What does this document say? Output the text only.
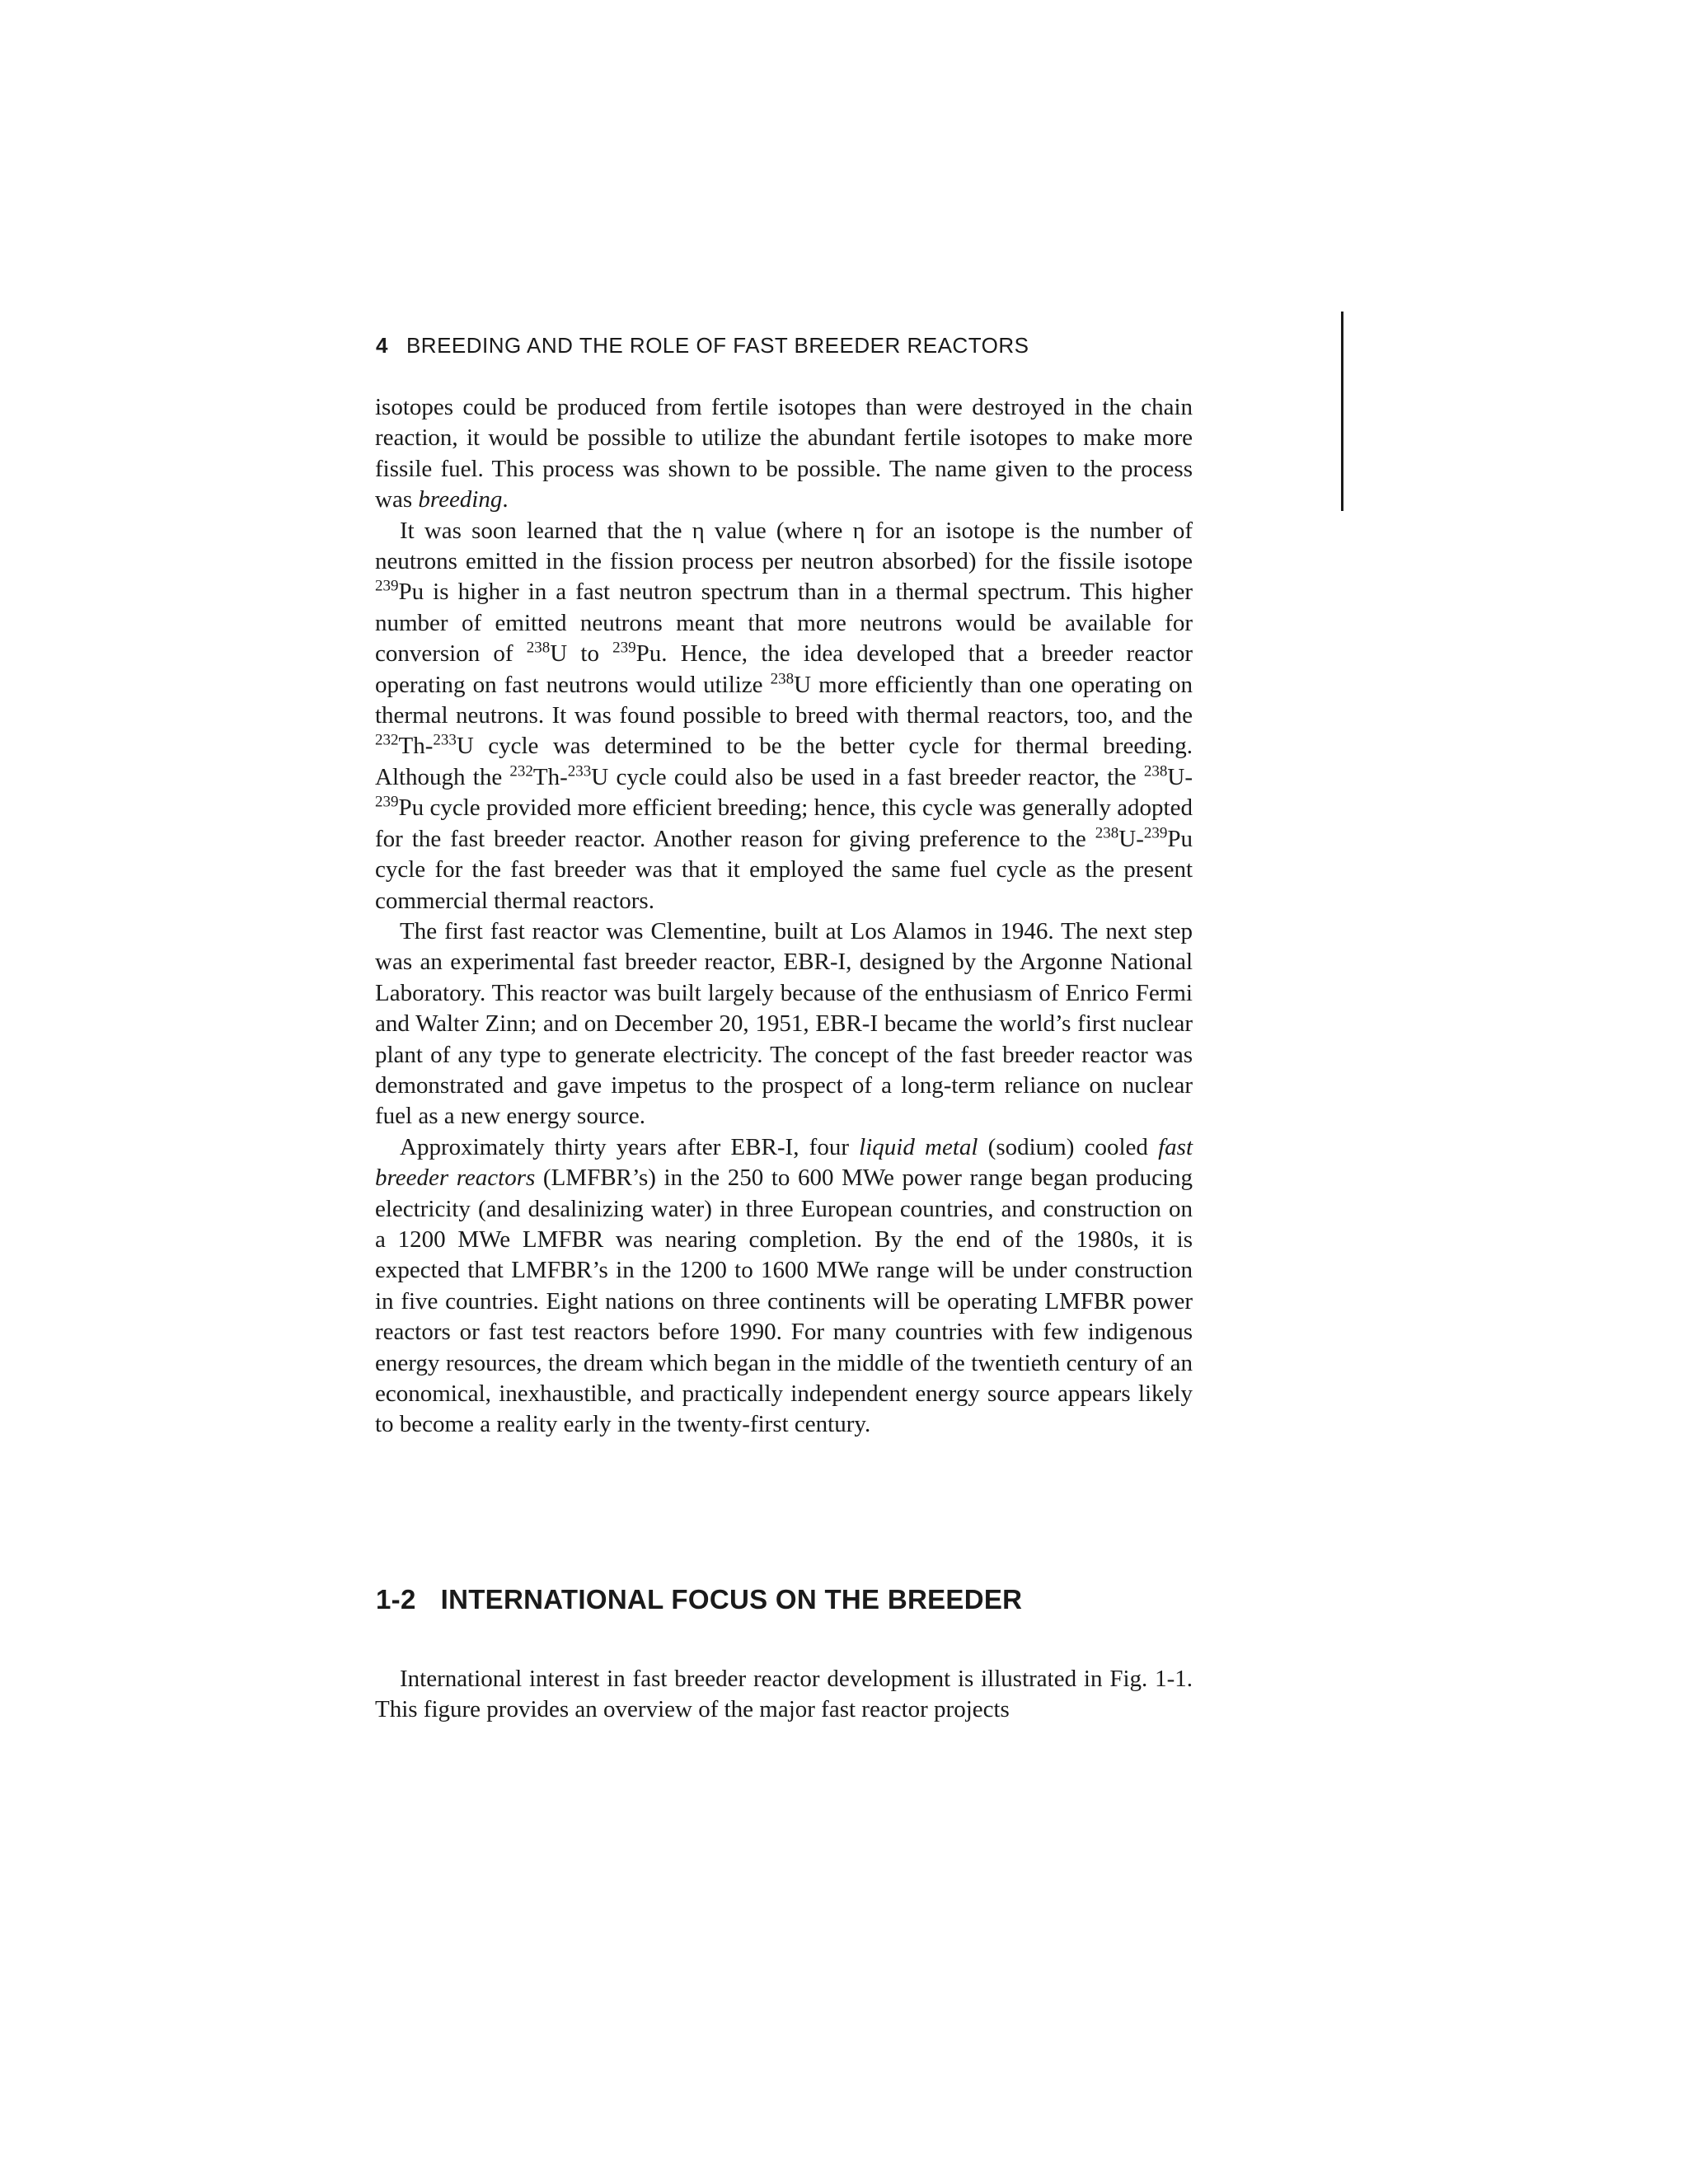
4 BREEDING AND THE ROLE OF FAST BREEDER REACTORS

isotopes could be produced from fertile isotopes than were destroyed in the chain reaction, it would be possible to utilize the abundant fertile isotopes to make more fissile fuel. This process was shown to be possible. The name given to the process was breeding.

It was soon learned that the η value (where η for an isotope is the number of neutrons emitted in the fission process per neutron absorbed) for the fissile isotope $^{239}$Pu is higher in a fast neutron spectrum than in a thermal spectrum. This higher number of emitted neutrons meant that more neutrons would be available for conversion of $^{238}$U to $^{239}$Pu. Hence, the idea developed that a breeder reactor operating on fast neutrons would utilize $^{238}$U more efficiently than one operating on thermal neutrons. It was found possible to breed with thermal reactors, too, and the $^{232}$Th-$^{233}$U cycle was determined to be the better cycle for thermal breeding. Although the $^{232}$Th-$^{233}$U cycle could also be used in a fast breeder reactor, the $^{238}$U-$^{239}$Pu cycle provided more efficient breeding; hence, this cycle was generally adopted for the fast breeder reactor. Another reason for giving preference to the $^{238}$U-$^{239}$Pu cycle for the fast breeder was that it employed the same fuel cycle as the present commercial thermal reactors.

The first fast reactor was Clementine, built at Los Alamos in 1946. The next step was an experimental fast breeder reactor, EBR-I, designed by the Argonne National Laboratory. This reactor was built largely because of the enthusiasm of Enrico Fermi and Walter Zinn; and on December 20, 1951, EBR-I became the world’s first nuclear plant of any type to generate electricity. The concept of the fast breeder reactor was demonstrated and gave impetus to the prospect of a long-term reliance on nuclear fuel as a new energy source.

Approximately thirty years after EBR-I, four liquid metal (sodium) cooled fast breeder reactors (LMFBR’s) in the 250 to 600 MWe power range began producing electricity (and desalinizing water) in three European countries, and construction on a 1200 MWe LMFBR was nearing completion. By the end of the 1980s, it is expected that LMFBR’s in the 1200 to 1600 MWe range will be under construction in five countries. Eight nations on three continents will be operating LMFBR power reactors or fast test reactors before 1990. For many countries with few indigenous energy resources, the dream which began in the middle of the twentieth century of an economical, inexhaustible, and practically independent energy source appears likely to become a reality early in the twenty-first century.

1-2 INTERNATIONAL FOCUS ON THE BREEDER

International interest in fast breeder reactor development is illustrated in Fig. 1-1. This figure provides an overview of the major fast reactor projects
